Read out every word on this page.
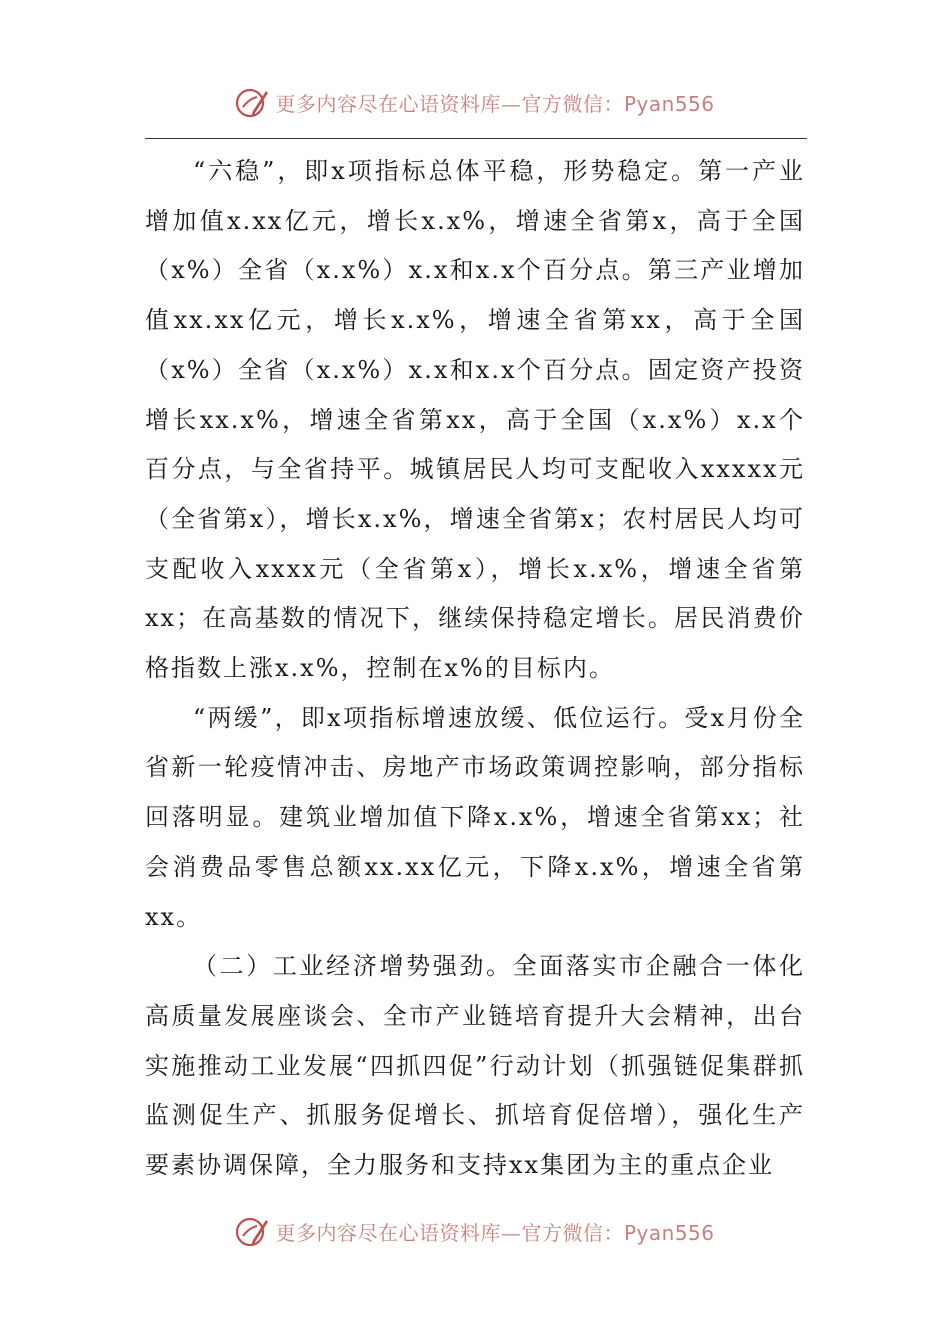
更多内容尽在心语资料库—官方微信：Pyan556

“六稳”，即x项指标总体平稳，形势稳定。第一产业增加值x.xx亿元，增长x.x%，增速全省第x，高于全国（x%）全省（x.x%）x.x和x.x个百分点。第三产业增加值xx.xx亿元，增长x.x%，增速全省第xx，高于全国（x%）全省（x.x%）x.x和x.x个百分点。固定资产投资增长xx.x%，增速全省第xx，高于全国（x.x%）x.x个百分点，与全省持平。城镇居民人均可支配收入xxxxx元（全省第x），增长x.x%，增速全省第x；农村居民人均可支配收入xxxx元（全省第x），增长x.x%，增速全省第xx；在高基数的情况下，继续保持稳定增长。居民消费价格指数上涨x.x%，控制在x%的目标内。

“两缓”，即x项指标增速放缓、低位运行。受x月份全省新一轮疫情冲击、房地产市场政策调控影响，部分指标回落明显。建筑业增加值下降x.x%，增速全省第xx；社会消费品零售总额xx.xx亿元，下降x.x%，增速全省第xx。

（二）工业经济增势强劲。全面落实市企融合一体化高质量发展座谈会、全市产业链培育提升大会精神，出台实施推动工业发展“四抓四促”行动计划（抓强链促集群抓监测促生产、抓服务促增长、抓培育促倍增），强化生产要素协调保障，全力服务和支持xx集团为主的重点企业

更多内容尽在心语资料库—官方微信：Pyan556
